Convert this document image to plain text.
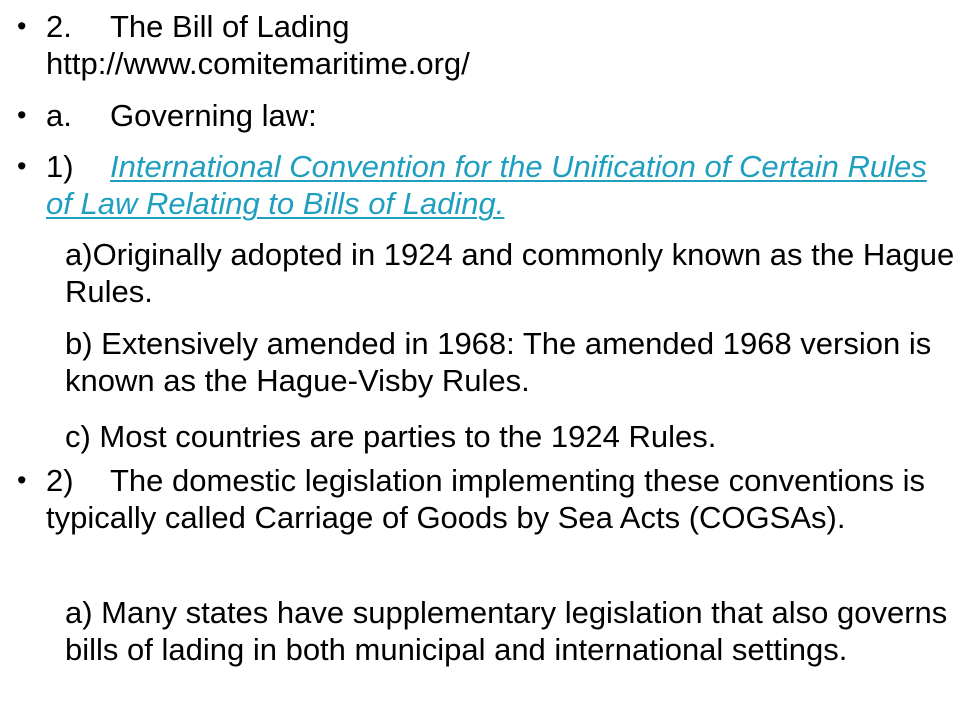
• 2. The Bill of Lading
http://www.comitemaritime.org/
• a. Governing law:
• 1) International Convention for the Unification of Certain Rules of Law Relating to Bills of Lading.
a)Originally adopted in 1924 and commonly known as the Hague Rules.
b) Extensively amended in 1968: The amended 1968 version is known as the Hague-Visby Rules.
c) Most countries are parties to the 1924 Rules.
• 2) The domestic legislation implementing these conventions is typically called Carriage of Goods by Sea Acts (COGSAs).
a) Many states have supplementary legislation that also governs bills of lading in both municipal and international settings.
